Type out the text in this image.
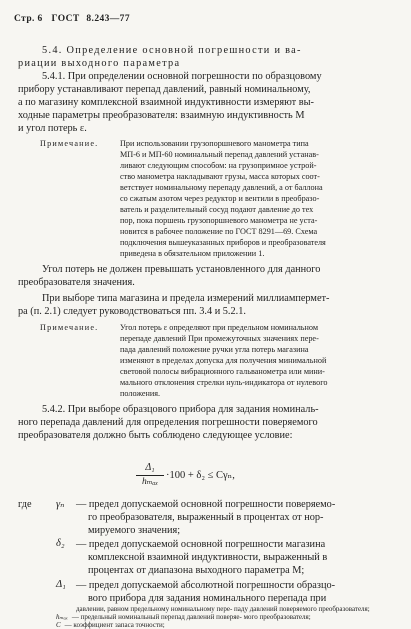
Стр. 6 ГОСТ 8.243—77
5.4. Определение основной погрешности и ва-
риации выходного параметра
5.4.1. При определении основной погрешности по образцовому
прибору устанавливают перепад давлений, равный номинальному,
а по магазину комплексной взаимной индуктивности измеряют вы-
ходные параметры преобразователя: взаимную индуктивность M
и угол потерь ε.
Примечание.	При использовании грузопоршневого манометра типа
МП-6 и МП-60 номинальный перепад давлений устанав-
ливают следующим способом: на грузопримное устрой-
ство манометра накладывают грузы, масса которых соот-
ветствует номинальному перепаду давлений, а от баллона
со сжатым азотом через редуктор и вентили в преобразо-
ватель и разделительный сосуд подают давление до тех
пор, пока поршень грузопоршневого манометра не уста-
новится в рабочее положение по ГОСТ 8291—69. Схема
подключения вышеуказанных приборов и преобразователя
приведена в обязательном приложении 1.
Угол потерь не должен превышать установленного для данного
преобразователя значения.
При выборе типа магазина и предела измерений миллиампермет-
ра (п. 2.1) следует руководствоваться пп. 3.4 и 5.2.1.
Примечание.	Угол потерь ε определяют при предельном номинальном
перепаде давлений При промежуточных значениях пере-
пада давлений положение ручки угла потерь магазина
изменяют в пределах допуска для получения минимальной
световой полосы вибрационного гальванометра или мини-
мального отклонения стрелки нуль-индикатора от нулевого
положения.
5.4.2. При выборе образцового прибора для задания номиналь-
ного перепада давлений для определения погрешности поверяемого
преобразователя должно быть соблюдено следующее условие:
Δ₁
hₘₐₓ
·100 + δ₂ ≤ Cγₙ,
где γₙ — предел допускаемой основной погрешности поверяемо-
го преобразователя, выраженный в процентах от нор-
мируемого значения;
δ₂ — предел допускаемой основной погрешности магазина
комплексной взаимной индуктивности, выраженный в
процентах от диапазона выходного параметра M;
Δ₁ — предел допускаемой абсолютной погрешности образцо-
вого прибора для задания номинального перепада при
давлении, равном предельному номинальному пере- паду давлений поверяемого преобразователя;
hₘₐₓ — предельный номинальный перепад давлений поверяе- мого преобразователя;
C — коэффициент запаса точности;
